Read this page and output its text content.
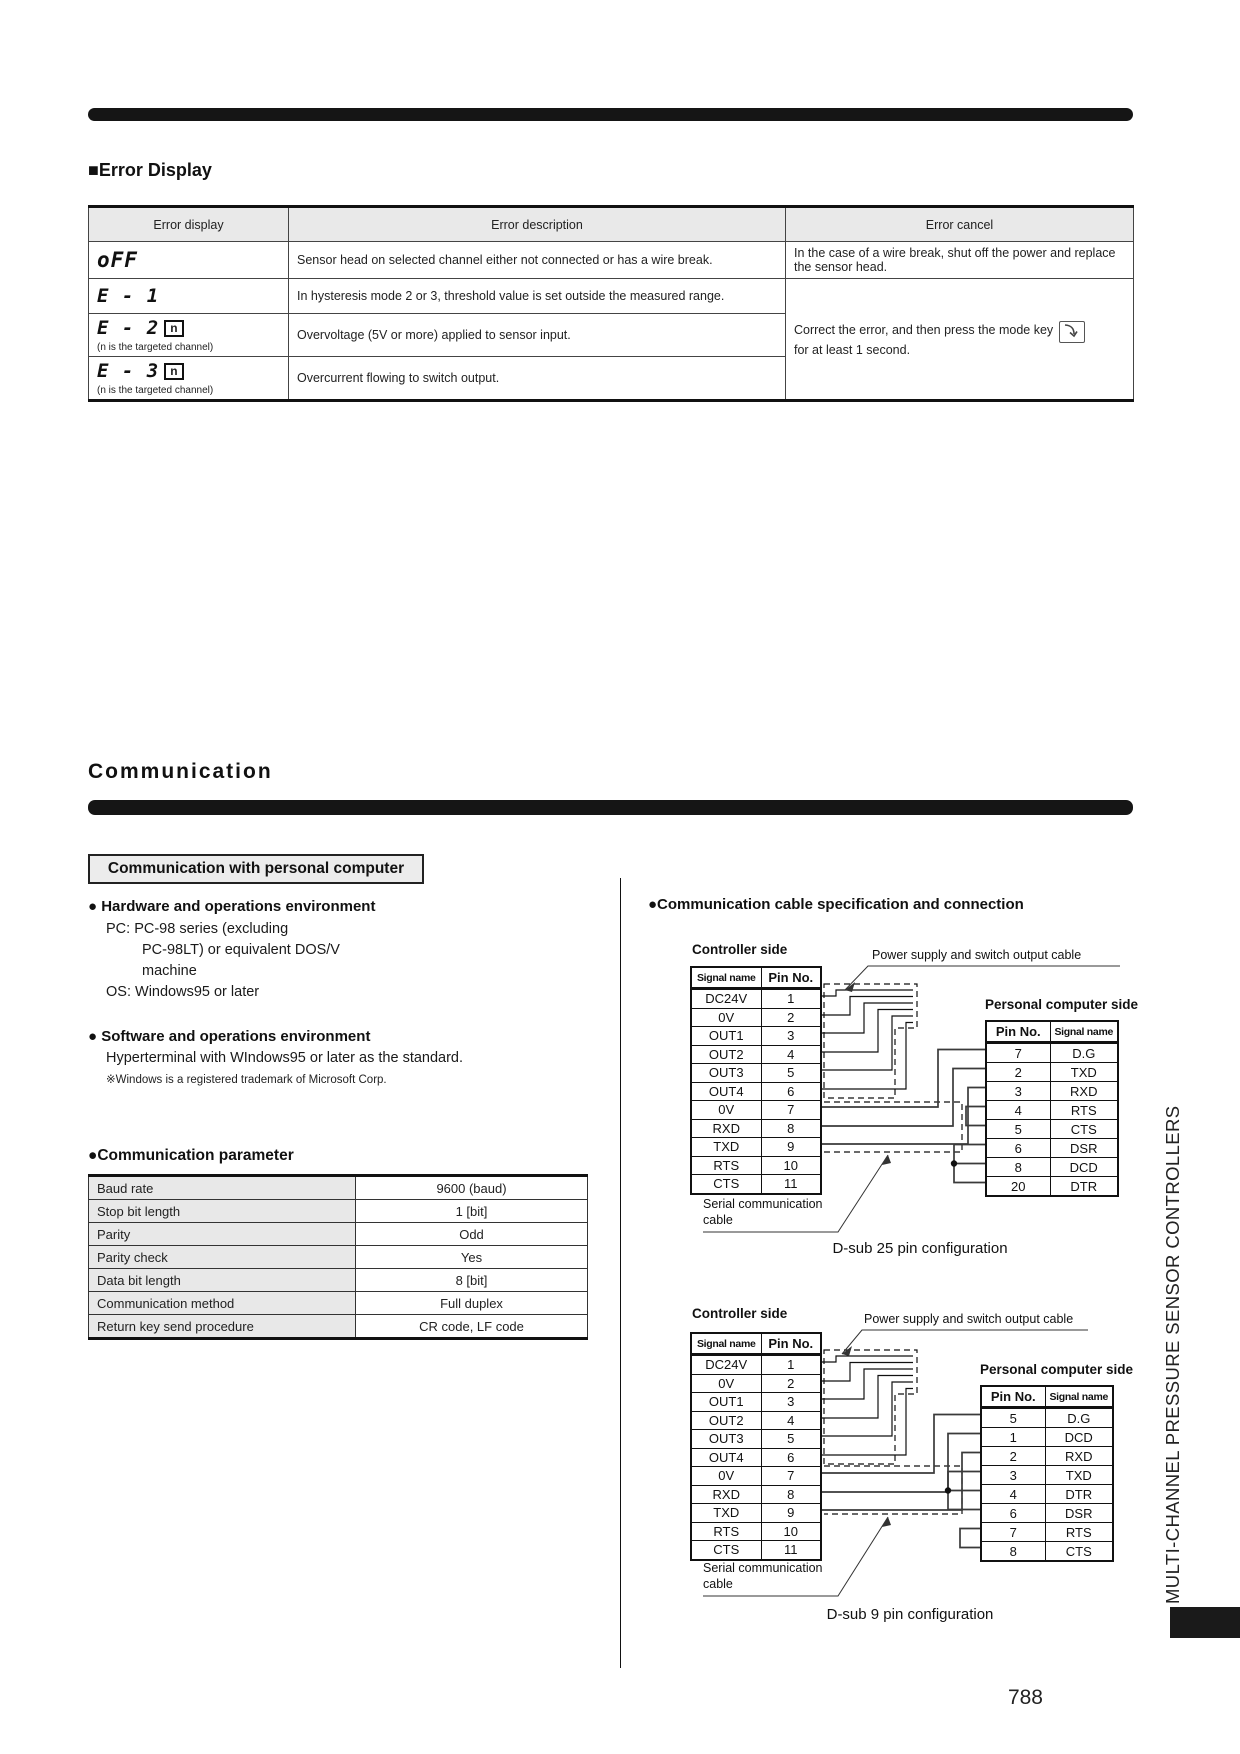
■Error Display
Error display	Error description	Error cancel
oFF	Sensor head on selected channel either not connected or has a wire break.	In the case of a wire break, shut off the power and replace the sensor head.
E - 1	In hysteresis mode 2 or 3, threshold value is set outside the measured range.	Correct the error, and then press the mode key
for at least 1 second.

E - 2 n(n is the targeted channel)	Overvoltage (5V or more) applied to sensor input.	
E - 3 n(n is the targeted channel)	Overcurrent flowing to switch output.	
Communication
Communication with personal computer
● Hardware and operations environment
PC: PC-98 series (excluding
PC-98LT) or equivalent DOS/V
machine
OS: Windows95 or later
● Software and operations environment
Hyperterminal with WIndows95 or later as the standard.
※Windows is a registered trademark of Microsoft Corp.
●Communication parameter
Baud rate	9600 (baud)
Stop bit length	1 [bit]
Parity	Odd
Parity check	Yes
Data bit length	8 [bit]
Communication method	Full duplex
Return key send procedure	CR code, LF code
●Communication cable specification and connection
Controller side	Power supply and switch output cable
Personal computer side
Signal name	Pin No.
DC24V	1
0V	2
OUT1	3
OUT2	4
OUT3	5
OUT4	6
0V	7
RXD	8
TXD	9
RTS	10
CTS	11
Pin No.	Signal name
7	D.G
2	TXD
3	RXD
4	RTS
5	CTS
6	DSR
8	DCD
20	DTR
Serial communication
cable
D-sub 25 pin configuration
Controller side	Power supply and switch output cable
Personal computer side
Signal name	Pin No.
DC24V	1
0V	2
OUT1	3
OUT2	4
OUT3	5
OUT4	6
0V	7
RXD	8
TXD	9
RTS	10
CTS	11
Pin No.	Signal name
5	D.G
1	DCD
2	RXD
3	TXD
4	DTR
6	DSR
7	RTS
8	CTS
Serial communication
cable
D-sub 9 pin configuration
MULTI-CHANNEL PRESSURE SENSOR CONTROLLERS
788
